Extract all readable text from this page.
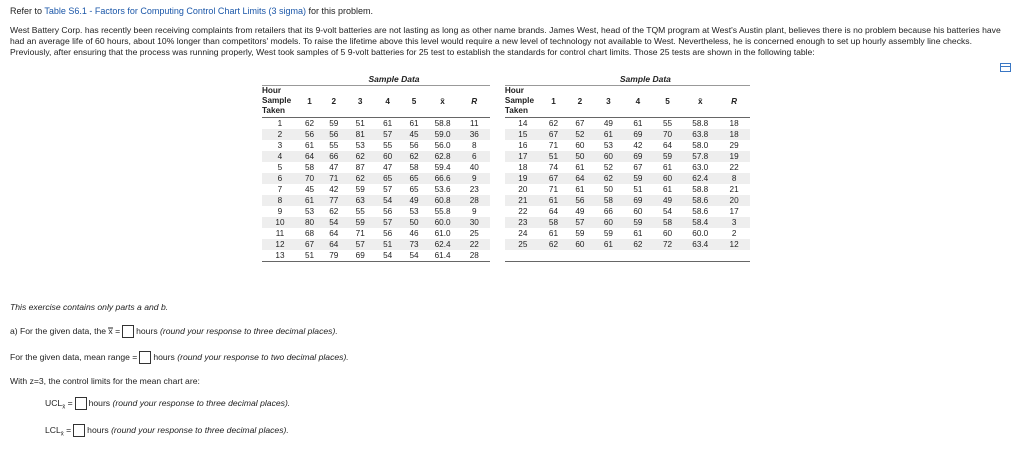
Refer to Table S6.1 - Factors for Computing Control Chart Limits (3 sigma) for this problem.
West Battery Corp. has recently been receiving complaints from retailers that its 9-volt batteries are not lasting as long as other name brands. James West, head of the TQM program at West's Austin plant, believes there is no problem because his batteries have had an average life of 60 hours, about 10% longer than competitors' models. To raise the lifetime above this level would require a new level of technology not available to West. Nevertheless, he is concerned enough to set up hourly assembly line checks. Previously, after ensuring that the process was running properly, West took samples of 5 9-volt batteries for 25 test to establish the standards for control chart limits. Those 25 tests are shown in the following table:
	Sample Data									Sample Data						
Hour Sample Taken	1	2	3	4	5	x̄	R		Hour Sample Taken	1	2	3	4	5	x̄	R
1	62	59	51	61	61	58.8	11		14	62	67	49	61	55	58.8	18
2	56	56	81	57	45	59.0	36		15	67	52	61	69	70	63.8	18
3	61	55	53	55	56	56.0	8		16	71	60	53	42	64	58.0	29
4	64	66	62	60	62	62.8	6		17	51	50	60	69	59	57.8	19
5	58	47	87	47	58	59.4	40		18	74	61	52	67	61	63.0	22
6	70	71	62	65	65	66.6	9		19	67	64	62	59	60	62.4	8
7	45	42	59	57	65	53.6	23		20	71	61	50	51	61	58.8	21
8	61	77	63	54	49	60.8	28		21	61	56	58	69	49	58.6	20
9	53	62	55	56	53	55.8	9		22	64	49	66	60	54	58.6	17
10	80	54	59	57	50	60.0	30		23	58	57	60	59	58	58.4	3
11	68	64	71	56	46	61.0	25		24	61	59	59	61	60	60.0	2
12	67	64	57	51	73	62.4	22		25	62	60	61	62	72	63.4	12
13	51	79	69	54	54	61.4	28									
This exercise contains only parts a and b.
a) For the given data, the x̿ = hours (round your response to three decimal places).
For the given data, mean range = hours (round your response to two decimal places).
With z=3, the control limits for the mean chart are:
$UCL_{x̄}$ = hours (round your response to three decimal places).
$LCL_{x̄}$ = hours (round your response to three decimal places).
